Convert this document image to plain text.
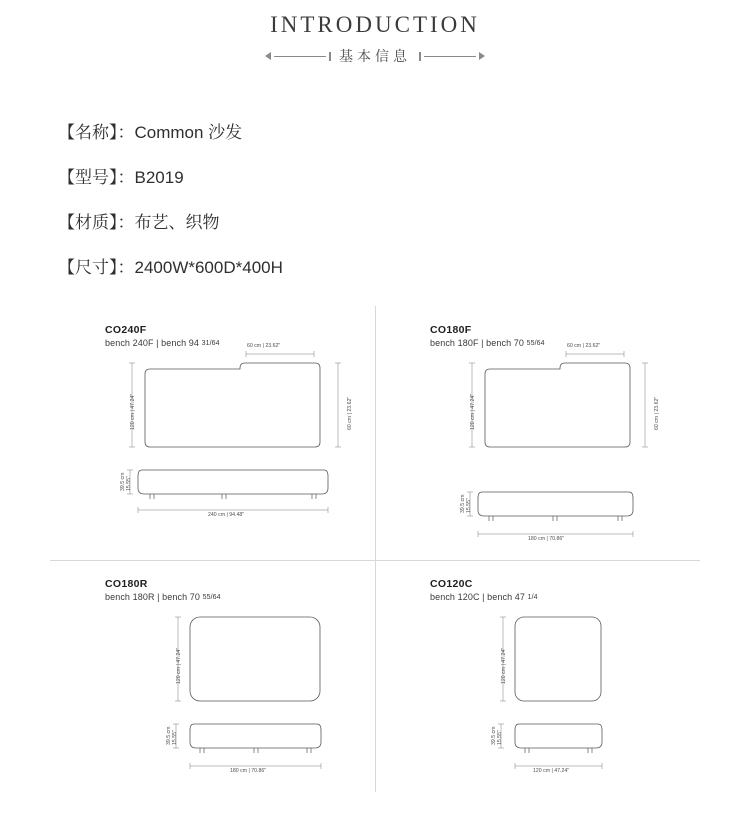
INTRODUCTION
基本信息
【名称】：Common 沙发
【型号】：B2019
【材质】：布艺、织物
【尺寸】：2400W*600D*400H
CO240F
bench 240F | bench 94 31/64
120 cm | 47.24"
60 cm | 23.62"
60 cm | 23.62"
39.5 cm 15.55"
240 cm | 94.48"
CO180F
bench 180F | bench 70 55/64
120 cm | 47.24"
60 cm | 23.62"
60 cm | 23.62"
39.5 cm 15.55"
180 cm | 70.86"
CO180R
bench 180R | bench 70 55/64
120 cm | 47.24"
39.5 cm 15.55"
180 cm | 70.86"
CO120C
bench 120C | bench 47 1/4
120 cm | 47.24"
39.5 cm 15.55"
120 cm | 47.24"
